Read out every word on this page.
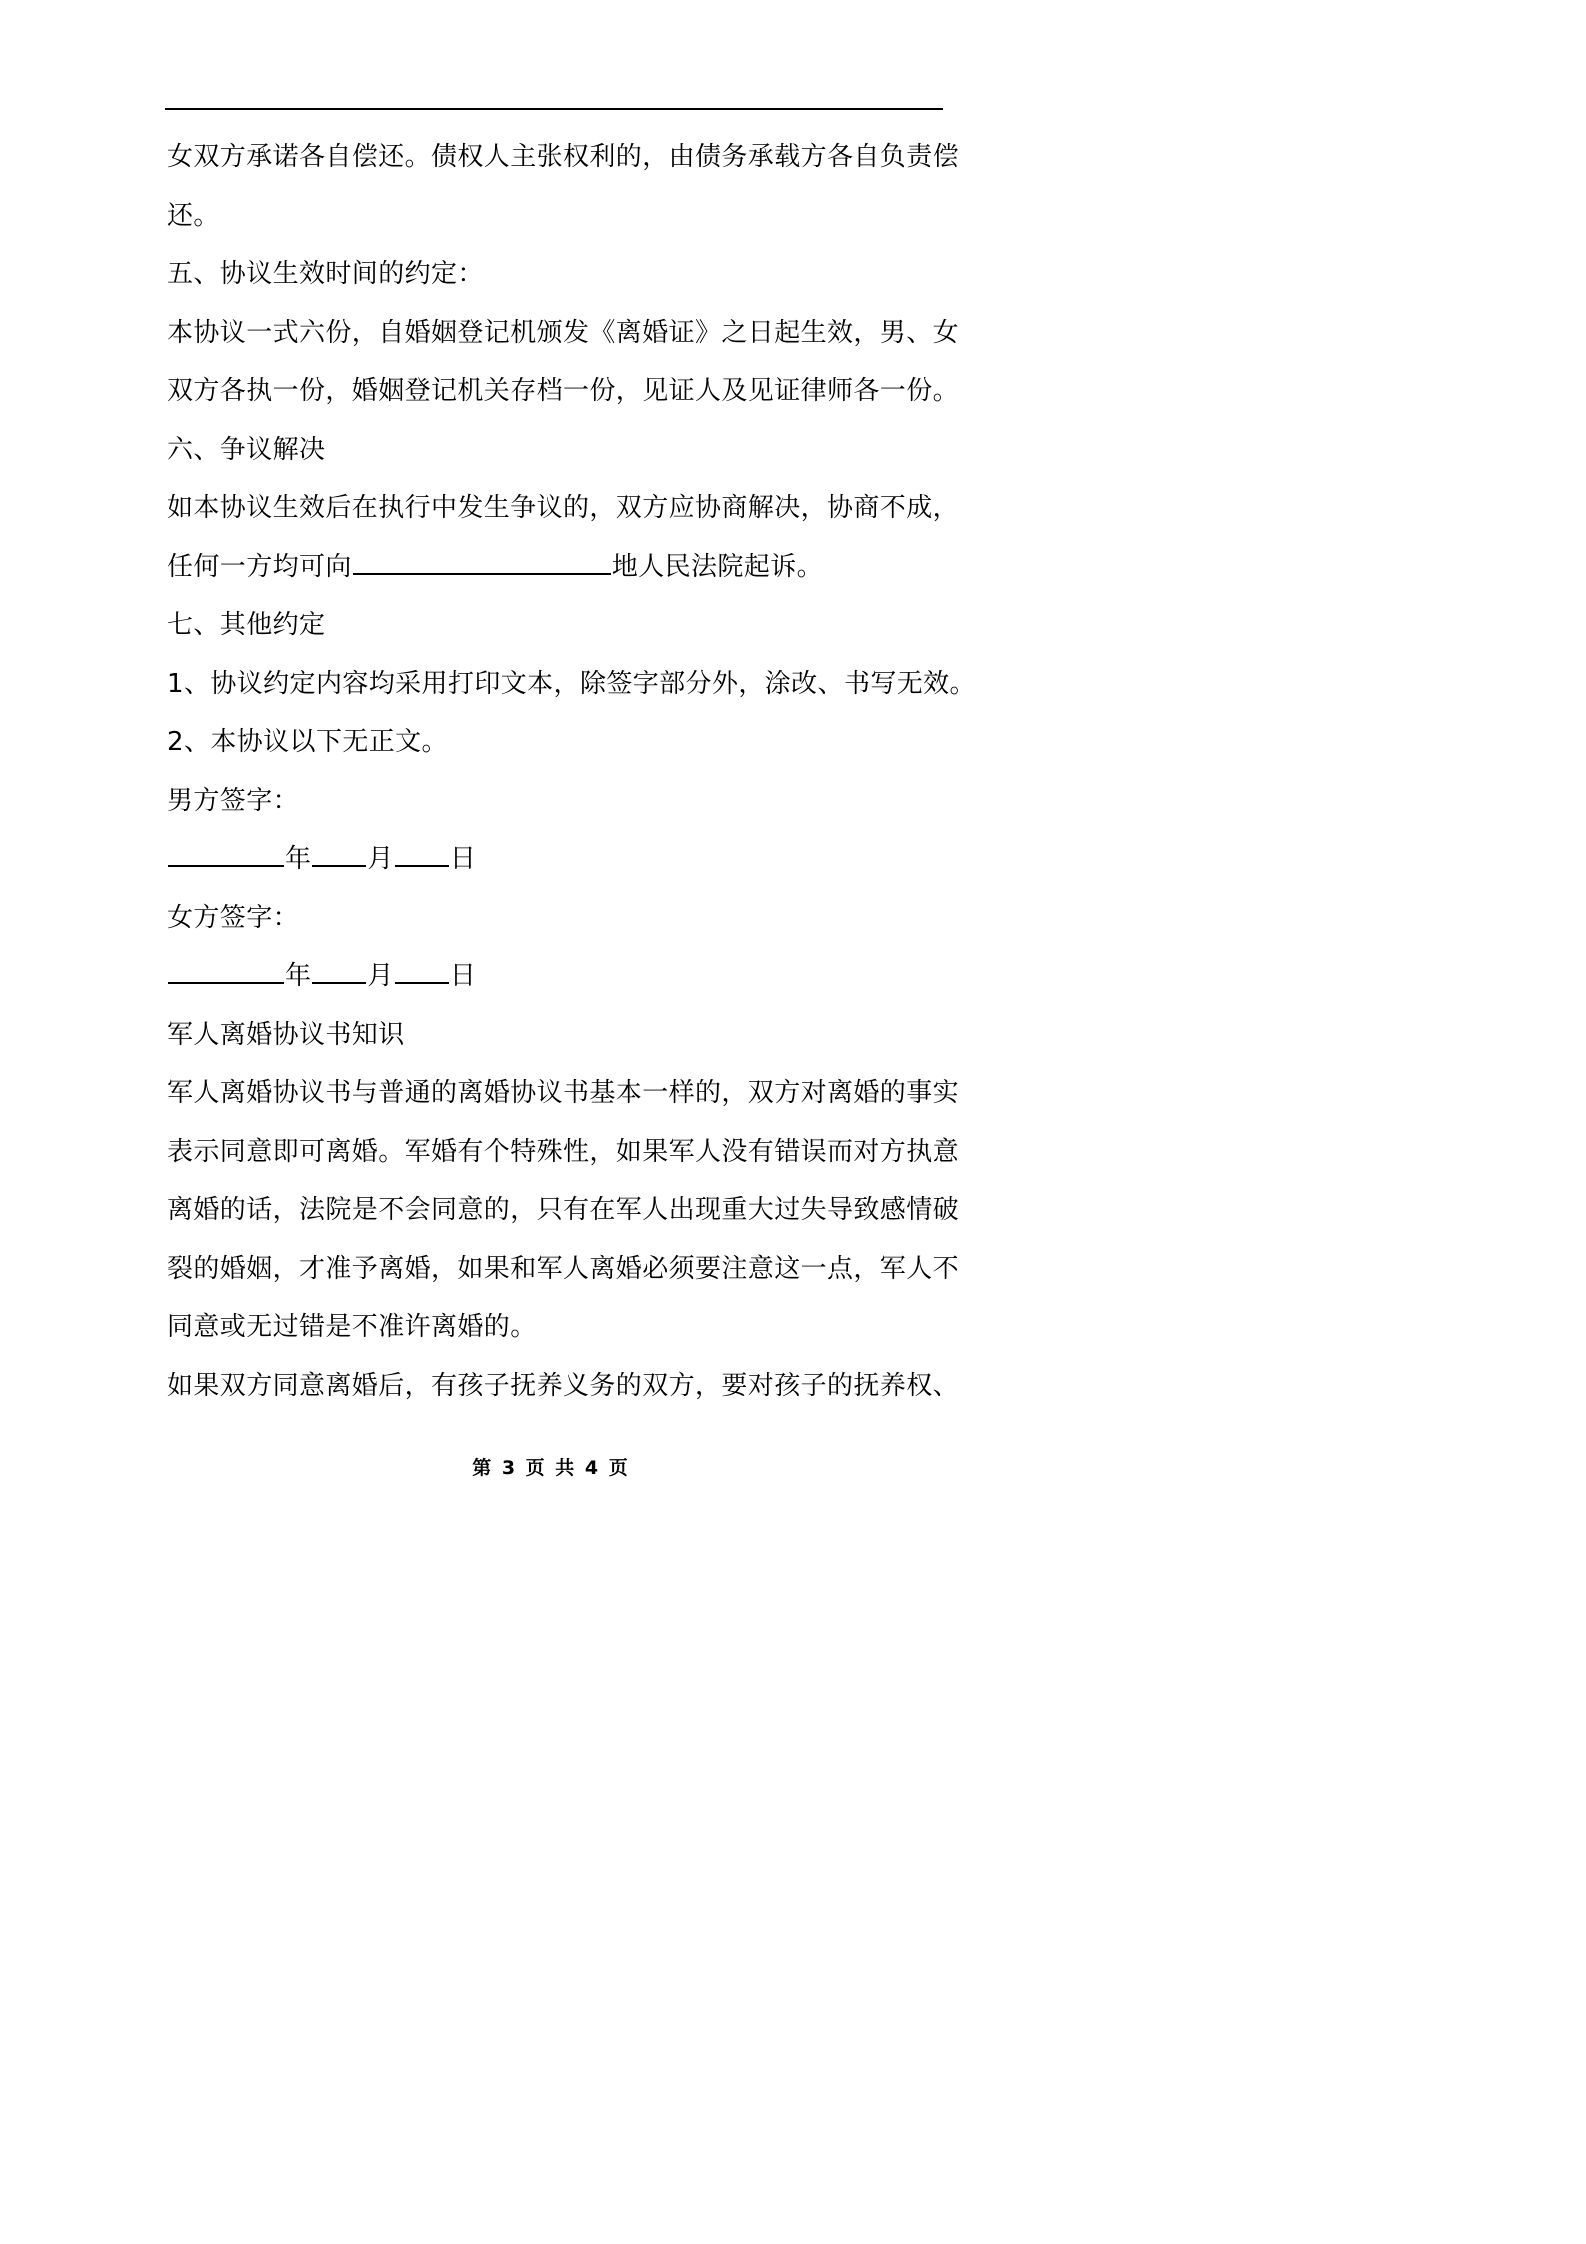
女双方承诺各自偿还。债权人主张权利的，由债务承载方各自负责偿
还。
五、协议生效时间的约定：
本协议一式六份，自婚姻登记机颁发《离婚证》之日起生效，男、女
双方各执一份，婚姻登记机关存档一份，见证人及见证律师各一份。
六、争议解决
如本协议生效后在执行中发生争议的，双方应协商解决，协商不成，
任何一方均可向	地人民法院起诉。
七、其他约定
1、协议约定内容均采用打印文本，除签字部分外，涂改、书写无效。
2、本协议以下无正文。
男方签字：
年 月 日
女方签字：
年 月 日
军人离婚协议书知识
军人离婚协议书与普通的离婚协议书基本一样的，双方对离婚的事实
表示同意即可离婚。军婚有个特殊性，如果军人没有错误而对方执意
离婚的话，法院是不会同意的，只有在军人出现重大过失导致感情破
裂的婚姻，才准予离婚，如果和军人离婚必须要注意这一点，军人不
同意或无过错是不准许离婚的。
如果双方同意离婚后，有孩子抚养义务的双方，要对孩子的抚养权、
第 3 页 共 4 页
